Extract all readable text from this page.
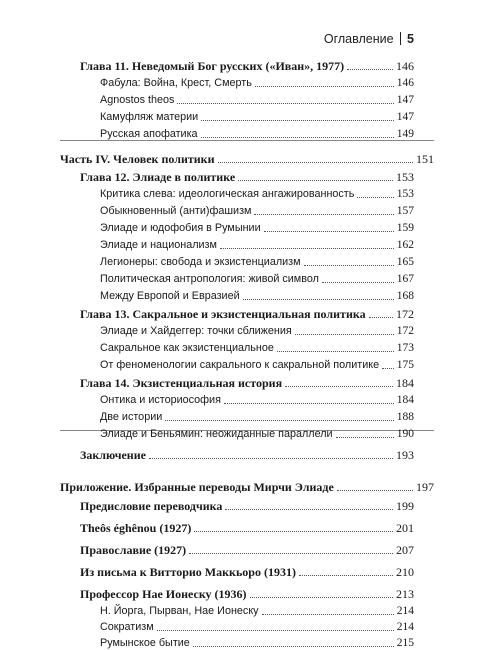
Оглавление 5
Глава 11. Неведомый Бог русских («Иван», 1977)	146
Фабула: Война, Крест, Смерть	146
Agnostos theos	147
Камуфляж материи	147
Русская апофатика	149
Часть IV. Человек политики	151
Глава 12. Элиаде в политике	153
Критика слева: идеологическая ангажированность	153
Обыкновенный (анти)фашизм	157
Элиаде и юдофобия в Румынии	159
Элиаде и национализм	162
Легионеры: свобода и экзистенциализм	165
Политическая антропология: живой символ	167
Между Европой и Евразией	168
Глава 13. Сакральное и экзистенциальная политика	172
Элиаде и Хайдеггер: точки сближения	172
Сакральное как экзистенциальное	173
От феноменологии сакрального к сакральной политике 175
Глава 14. Экзистенциальная история	184
Онтика и историософия	184
Две истории	188
Элиаде и Беньямин: неожиданные параллели	190
Заключение	193
Приложение. Избранные переводы Мирчи Элиаде	197
Предисловие переводчика	199
Theôs éghênou (1927)	201
Православие (1927)	207
Из письма к Витторио Маккьоро (1931)	210
Профессор Нае Ионеску (1936)	213
Н. Йорга, Пырван, Нае Ионеску	214
Сократизм	214
Румынское бытие	215
